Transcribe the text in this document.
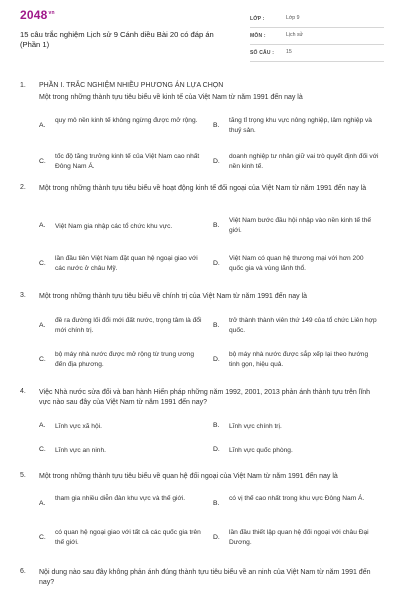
$2048^{vn}$
15 câu trắc nghiệm Lịch sử 9 Cánh diều Bài 20 có đáp án (Phần 1)
LỚP :	Lớp 9
MÔN :	Lịch sử
SỐ CÂU : 15
1. PHẦN I. TRẮC NGHIỆM NHIỀU PHƯƠNG ÁN LỰA CHỌN
Một trong những thành tựu tiêu biểu về kinh tế của Việt Nam từ năm 1991 đến nay là
A.
quy mô nền kinh tế không ngừng được mở rộng.
B.
tăng tỉ trọng khu vực nông nghiệp, lâm nghiệp và thuỷ sản.
C.
tốc độ tăng trưởng kinh tế của Việt Nam cao nhất Đông Nam Á.
D.
doanh nghiệp tư nhân giữ vai trò quyết định đối với nền kinh tế.
2. Một trong những thành tựu tiêu biểu về hoạt động kinh tế đối ngoại của Việt Nam từ năm 1991 đến nay là
A. Việt Nam gia nhập các tổ chức khu vực.	B.
Việt Nam bước đầu hội nhập vào nền kinh tế thế giới.
C.
lần đầu tiên Việt Nam đặt quan hệ ngoại giao với các nước ở châu Mỹ.
D.
Việt Nam có quan hệ thương mại với hơn 200 quốc gia và vùng lãnh thổ.
3. Một trong những thành tựu tiêu biểu về chính trị của Việt Nam từ năm 1991 đến nay là
A.
đề ra đường lối đổi mới đất nước, trọng tâm là đổi mới chính trị.
B.
trở thành thành viên thứ 149 của tổ chức Liên hợp quốc.
C.
bộ máy nhà nước được mở rộng từ trung ương đến địa phương.
D.
bộ máy nhà nước được sắp xếp lại theo hướng tinh gọn, hiệu quả.
4. Việc Nhà nước sửa đổi và ban hành Hiến pháp những năm 1992, 2001, 2013 phản ánh thành tựu trên lĩnh vực nào sau đây của Việt Nam từ năm 1991 đến nay?
A. Lĩnh vực xã hội.	B. Lĩnh vực chính trị.
C. Lĩnh vực an ninh.	D. Lĩnh vực quốc phòng.
5. Một trong những thành tựu tiêu biểu về quan hệ đối ngoại của Việt Nam từ năm 1991 đến nay là
A.
tham gia nhiều diễn đàn khu vực và thế giới.
B.
có vị thế cao nhất trong khu vực Đông Nam Á.
C.
có quan hệ ngoại giao với tất cả các quốc gia trên thế giới.
D.
lần đầu thiết lập quan hệ đối ngoại với châu Đại Dương.
6. Nội dung nào sau đây không phản ánh đúng thành tựu tiêu biểu về an ninh của Việt Nam từ năm 1991 đến nay?
